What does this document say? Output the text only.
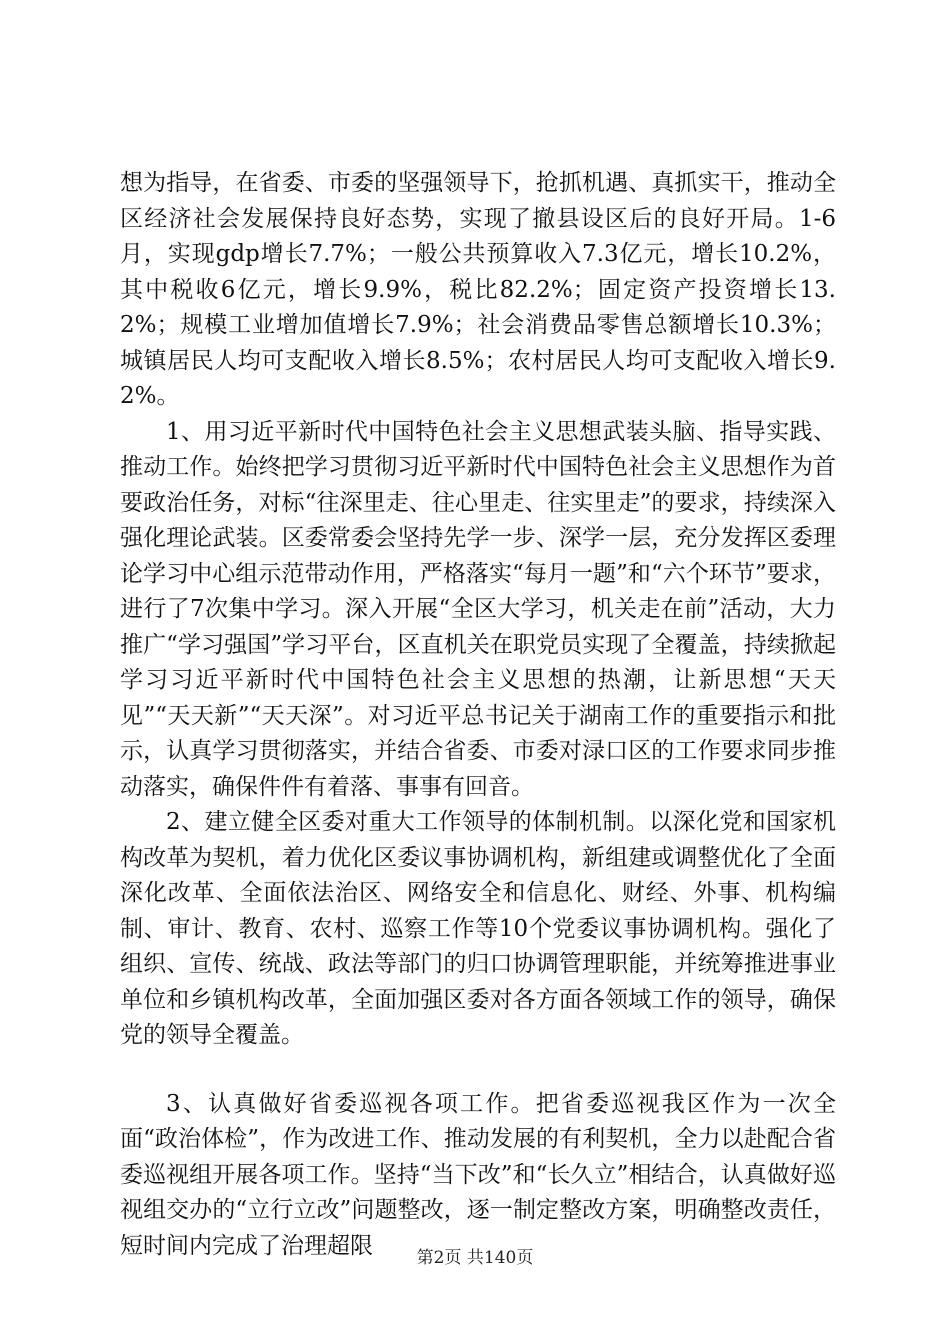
想为指导，在省委、市委的坚强领导下，抢抓机遇、真抓实干，推动全区经济社会发展保持良好态势，实现了撤县设区后的良好开局。1-6月，实现gdp增长7.7%；一般公共预算收入7.3亿元，增长10.2%，其中税收6亿元，增长9.9%，税比82.2%；固定资产投资增长13.2%；规模工业增加值增长7.9%；社会消费品零售总额增长10.3%；城镇居民人均可支配收入增长8.5%；农村居民人均可支配收入增长9.2%。

1、用习近平新时代中国特色社会主义思想武装头脑、指导实践、推动工作。始终把学习贯彻习近平新时代中国特色社会主义思想作为首要政治任务，对标“往深里走、往心里走、往实里走”的要求，持续深入强化理论武装。区委常委会坚持先学一步、深学一层，充分发挥区委理论学习中心组示范带动作用，严格落实“每月一题”和“六个环节”要求，进行了7次集中学习。深入开展“全区大学习，机关走在前”活动，大力推广“学习强国”学习平台，区直机关在职党员实现了全覆盖，持续掀起学习习近平新时代中国特色社会主义思想的热潮，让新思想“天天见”“天天新”“天天深”。对习近平总书记关于湖南工作的重要指示和批示，认真学习贯彻落实，并结合省委、市委对渌口区的工作要求同步推动落实，确保件件有着落、事事有回音。

2、建立健全区委对重大工作领导的体制机制。以深化党和国家机构改革为契机，着力优化区委议事协调机构，新组建或调整优化了全面深化改革、全面依法治区、网络安全和信息化、财经、外事、机构编制、审计、教育、农村、巡察工作等10个党委议事协调机构。强化了组织、宣传、统战、政法等部门的归口协调管理职能，并统筹推进事业单位和乡镇机构改革，全面加强区委对各方面各领域工作的领导，确保党的领导全覆盖。

3、认真做好省委巡视各项工作。把省委巡视我区作为一次全面“政治体检”，作为改进工作、推动发展的有利契机，全力以赴配合省委巡视组开展各项工作。坚持“当下改”和“长久立”相结合，认真做好巡视组交办的“立行立改”问题整改，逐一制定整改方案，明确整改责任，短时间内完成了治理超限	第2页 共140页
